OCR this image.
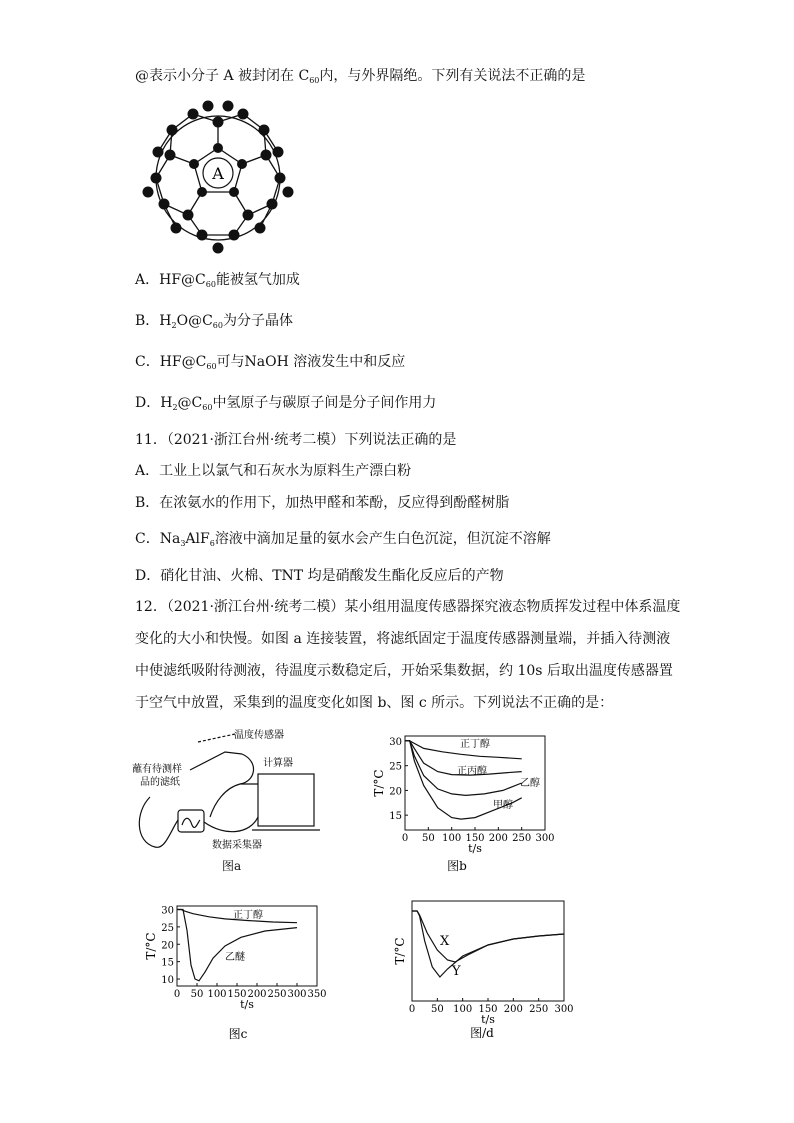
@表示小分子 A 被封闭在 $C_{60}$内，与外界隔绝。下列有关说法不正确的是
A
A．$HF@C_{60}$能被氢气加成
B．$H_2O@C_{60}$为分子晶体
C．$HF@C_{60}$可与NaOH 溶液发生中和反应
D．$H_2@C_{60}$中氢原子与碳原子间是分子间作用力
11．（2021·浙江台州·统考二模）下列说法正确的是
A．工业上以氯气和石灰水为原料生产漂白粉
B．在浓氨水的作用下，加热甲醛和苯酚，反应得到酚醛树脂
C．$Na_3AlF_6$溶液中滴加足量的氨水会产生白色沉淀，但沉淀不溶解
D．硝化甘油、火棉、TNT 均是硝酸发生酯化反应后的产物
12．（2021·浙江台州·统考二模）某小组用温度传感器探究液态物质挥发过程中体系温度
变化的大小和快慢。如图 a 连接装置，将滤纸固定于温度传感器测量端，并插入待测液
中使滤纸吸附待测液，待温度示数稳定后，开始采集数据，约 10s 后取出温度传感器置
于空气中放置，采集到的温度变化如图 b、图 c 所示。下列说法不正确的是：
温度传感器
蘸有待测样
品的滤纸
计算器
数据采集器
图a
0 50 100 150 200 250 300
15
20
25
30
t/s
T/°C
正丁醇
正丙醇
乙醇
甲醇
图b
0 50 100 150 200 250 300 350
10
15
20
25
30
t/s
T/°C
正丁醇
乙醚
图c
0 50 100 150 200 250 300
t/s
T/°C	X
Y
图/d
